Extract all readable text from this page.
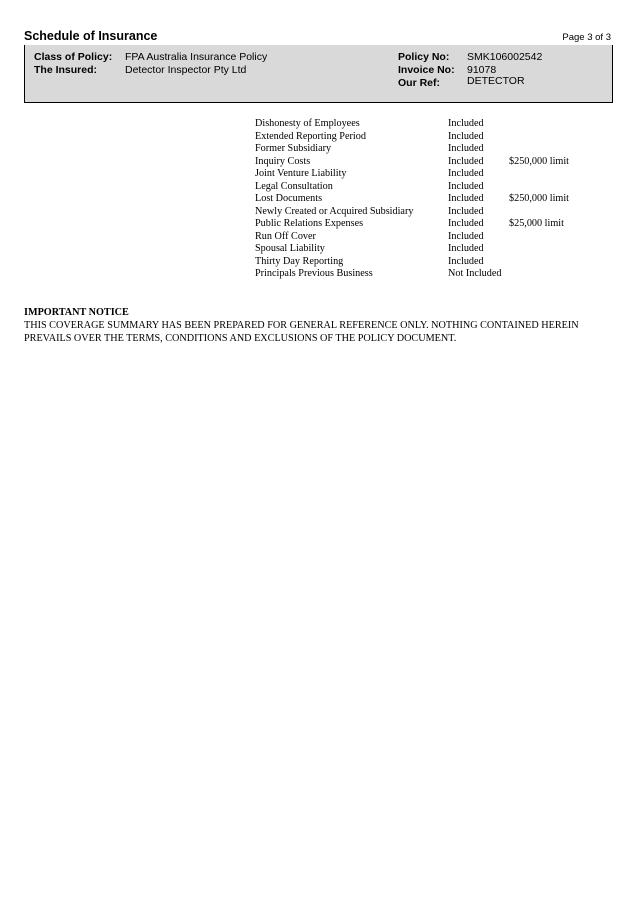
Schedule of Insurance	Page 3 of 3
Class of Policy: FPA Australia Insurance Policy
The Insured:	Detector Inspector Pty Ltd
Policy No: SMK106002542
Invoice No: 91078
Our Ref:	DETECTOR
Dishonesty of Employees	Included
Extended Reporting Period	Included
Former Subsidiary	Included
Inquiry Costs	Included $250,000 limit
Joint Venture Liability	Included
Legal Consultation	Included
Lost Documents	Included $250,000 limit
Newly Created or Acquired Subsidiary	Included
Public Relations Expenses	Included $25,000 limit
Run Off Cover	Included
Spousal Liability	Included
Thirty Day Reporting	Included
Principals Previous Business	Not Included
IMPORTANT NOTICE
THIS COVERAGE SUMMARY HAS BEEN PREPARED FOR GENERAL REFERENCE ONLY. NOTHING CONTAINED HEREIN
PREVAILS OVER THE TERMS, CONDITIONS AND EXCLUSIONS OF THE POLICY DOCUMENT.
